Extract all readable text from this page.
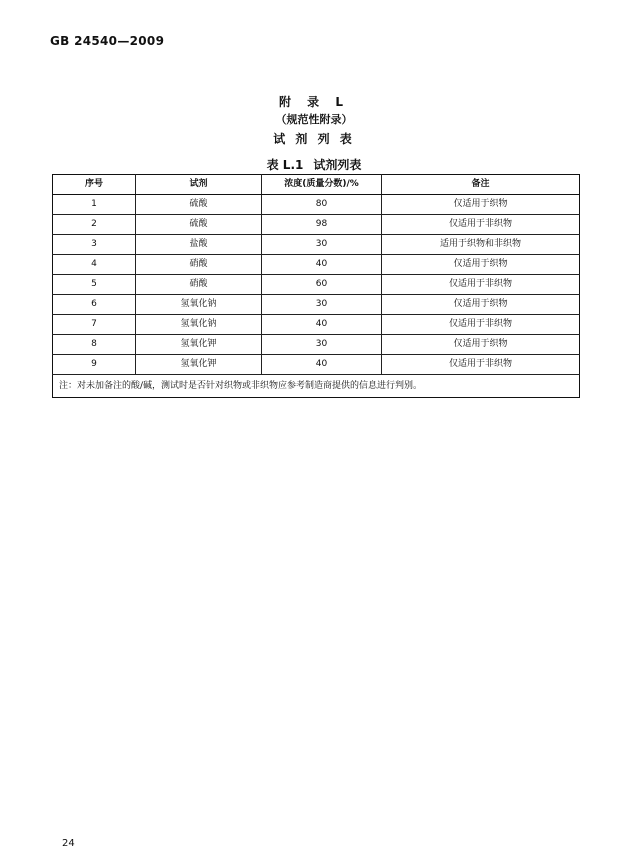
GB 24540—2009
附 录 L
（规范性附录）
试 剂 列 表
表 L.1 试剂列表
序号	试剂	浓度(质量分数)/%	备注
1	硫酸	80	仅适用于织物
2	硫酸	98	仅适用于非织物
3	盐酸	30	适用于织物和非织物
4	硝酸	40	仅适用于织物
5	硝酸	60	仅适用于非织物
6	氢氧化钠	30	仅适用于织物
7	氢氧化钠	40	仅适用于非织物
8	氢氧化钾	30	仅适用于织物
9	氢氧化钾	40	仅适用于非织物
注：对未加备注的酸/碱，测试时是否针对织物或非织物应参考制造商提供的信息进行判别。			
24
